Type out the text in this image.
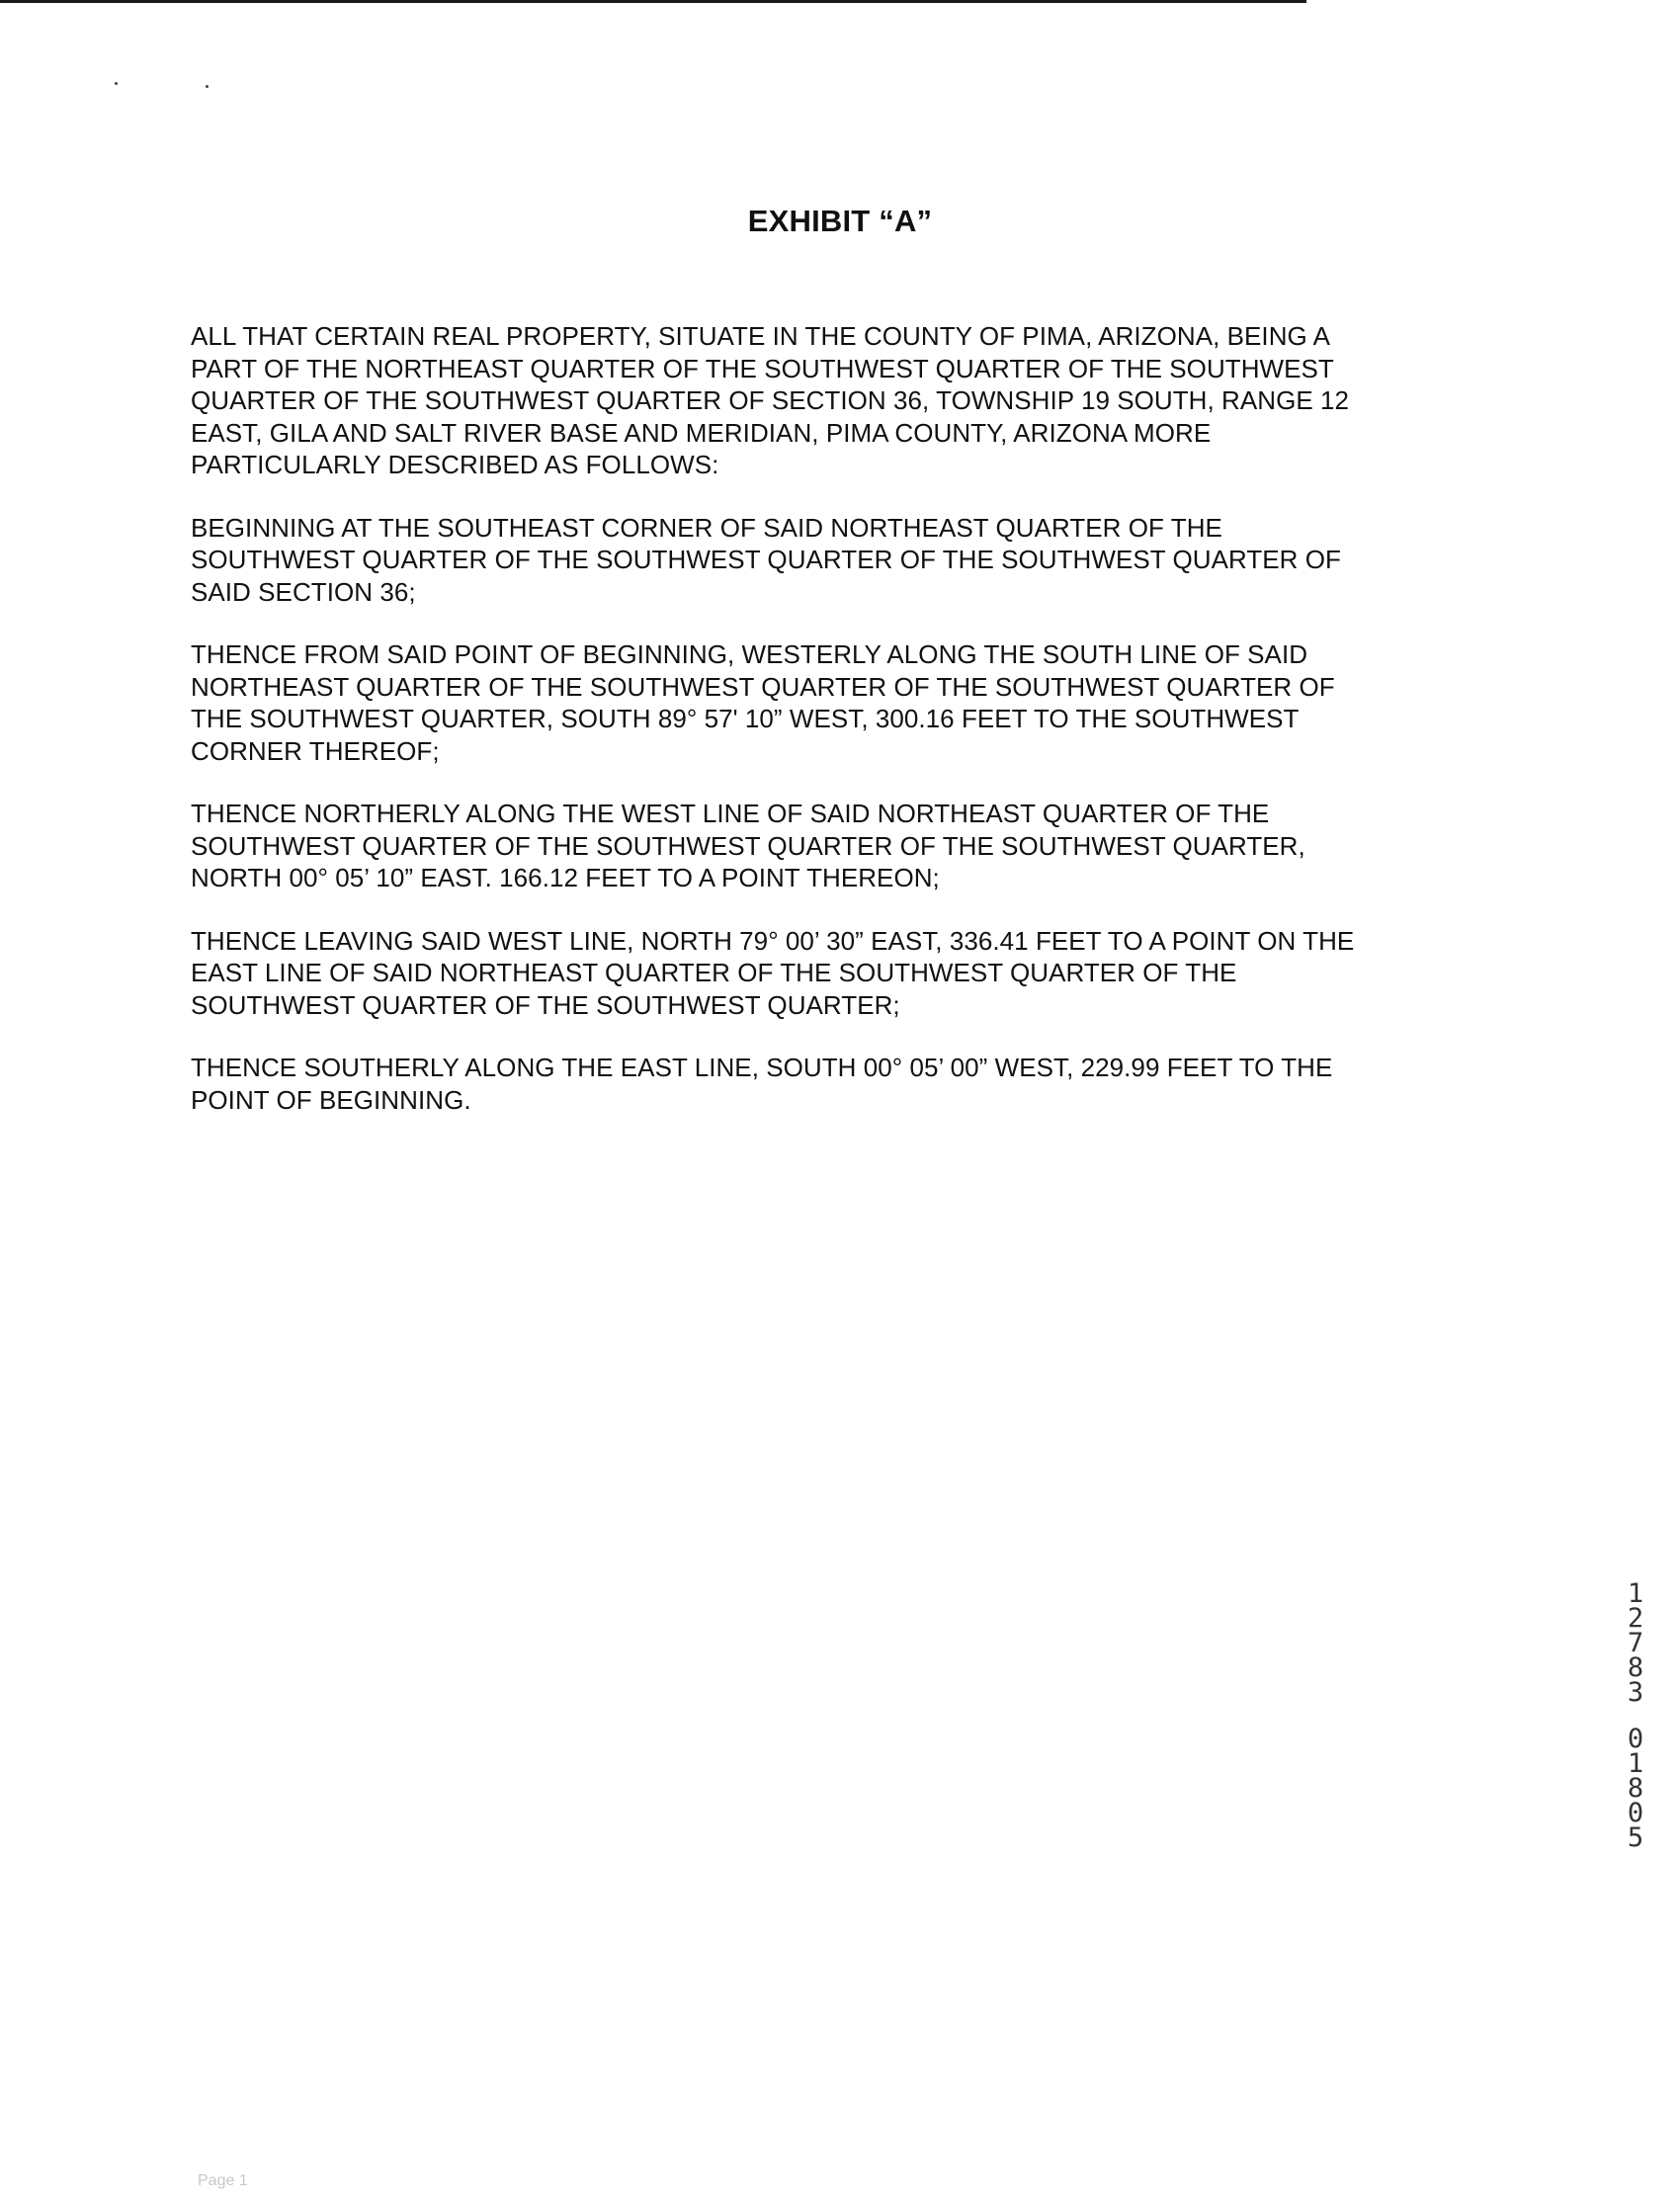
EXHIBIT “A”

ALL THAT CERTAIN REAL PROPERTY, SITUATE IN THE COUNTY OF PIMA, ARIZONA, BEING A
PART OF THE NORTHEAST QUARTER OF THE SOUTHWEST QUARTER OF THE SOUTHWEST
QUARTER OF THE SOUTHWEST QUARTER OF SECTION 36, TOWNSHIP 19 SOUTH, RANGE 12
EAST, GILA AND SALT RIVER BASE AND MERIDIAN, PIMA COUNTY, ARIZONA MORE
PARTICULARLY DESCRIBED AS FOLLOWS:

BEGINNING AT THE SOUTHEAST CORNER OF SAID NORTHEAST QUARTER OF THE
SOUTHWEST QUARTER OF THE SOUTHWEST QUARTER OF THE SOUTHWEST QUARTER OF
SAID SECTION 36;

THENCE FROM SAID POINT OF BEGINNING, WESTERLY ALONG THE SOUTH LINE OF SAID
NORTHEAST QUARTER OF THE SOUTHWEST QUARTER OF THE SOUTHWEST QUARTER OF
THE SOUTHWEST QUARTER, SOUTH 89° 57' 10” WEST, 300.16 FEET TO THE SOUTHWEST
CORNER THEREOF;

THENCE NORTHERLY ALONG THE WEST LINE OF SAID NORTHEAST QUARTER OF THE
SOUTHWEST QUARTER OF THE SOUTHWEST QUARTER OF THE SOUTHWEST QUARTER,
NORTH 00° 05’ 10” EAST. 166.12 FEET TO A POINT THEREON;

THENCE LEAVING SAID WEST LINE, NORTH 79° 00’ 30” EAST, 336.41 FEET TO A POINT ON THE
EAST LINE OF SAID NORTHEAST QUARTER OF THE SOUTHWEST QUARTER OF THE
SOUTHWEST QUARTER OF THE SOUTHWEST QUARTER;

THENCE SOUTHERLY ALONG THE EAST LINE, SOUTH 00° 05’ 00” WEST, 229.99 FEET TO THE
POINT OF BEGINNING.

1
2
7
8
3
0
1
8
0
5
Page 1
